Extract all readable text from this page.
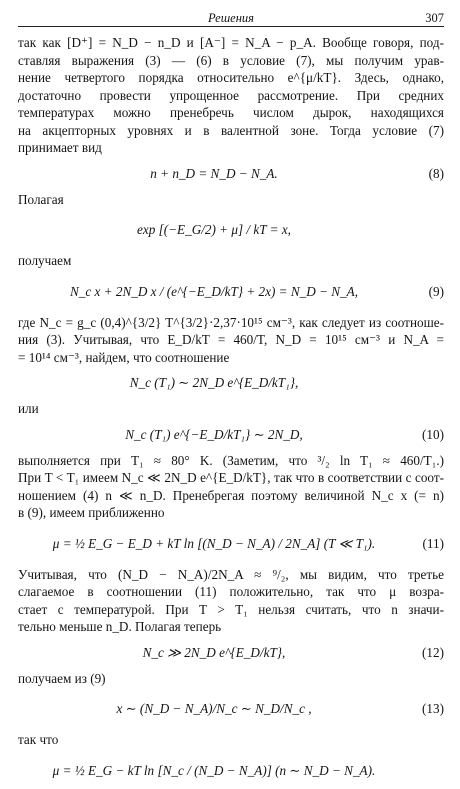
Решения	307
так как [D⁺] = N_D − n_D и [A⁻] = N_A − p_A. Вообще говоря, под-
ставляя выражения (3) — (6) в условие (7), мы получим урав-
нение четвертого порядка относительно e^{μ/kT}. Здесь, однако,
достаточно провести упрощенное рассмотрение. При средних
температурах можно пренебречь числом дырок, находящихся
на акцепторных уровнях и в валентной зоне. Тогда условие (7)
принимает вид
n + n_D = N_D − N_A.	(8)
Полагая
exp [(−E_G/2) + μ] / kT = x,
получаем
N_c x + 2N_D x / (e^{−E_D/kT} + 2x) = N_D − N_A,	(9)
где N_c = g_c (0,4)^{3/2} T^{3/2}·2,37·10¹⁵ см⁻³, как следует из соотноше-
ния (3). Учитывая, что E_D/kT = 460/T, N_D = 10¹⁵ см⁻³ и N_A =
= 10¹⁴ см⁻³, найдем, что соотношение
N_c (T₁) ∼ 2N_D e^{E_D/kT₁},
или
N_c (T₁) e^{−E_D/kT₁} ∼ 2N_D,	(10)
выполняется при T₁ ≈ 80° K. (Заметим, что ³/₂ ln T₁ ≈ 460/T₁.)
При T < T₁ имеем N_c ≪ 2N_D e^{E_D/kT}, так что в соответствии с соот-
ношением (4) n ≪ n_D. Пренебрегая поэтому величиной N_c x (= n)
в (9), имеем приближенно
μ = ½ E_G − E_D + kT ln [(N_D − N_A) / 2N_A] (T ≪ T₁).	(11)
Учитывая, что (N_D − N_A)/2N_A ≈ ⁹/₂, мы видим, что третье
слагаемое в соотношении (11) положительно, так что μ возра-
стает с температурой. При T > T₁ нельзя считать, что n значи-
тельно меньше n_D. Полагая теперь
N_c ≫ 2N_D e^{E_D/kT},	(12)
получаем из (9)
x ∼ (N_D − N_A)/N_c ∼ N_D/N_c ,	(13)
так что
μ = ½ E_G − kT ln [N_c / (N_D − N_A)] (n ∼ N_D − N_A).
